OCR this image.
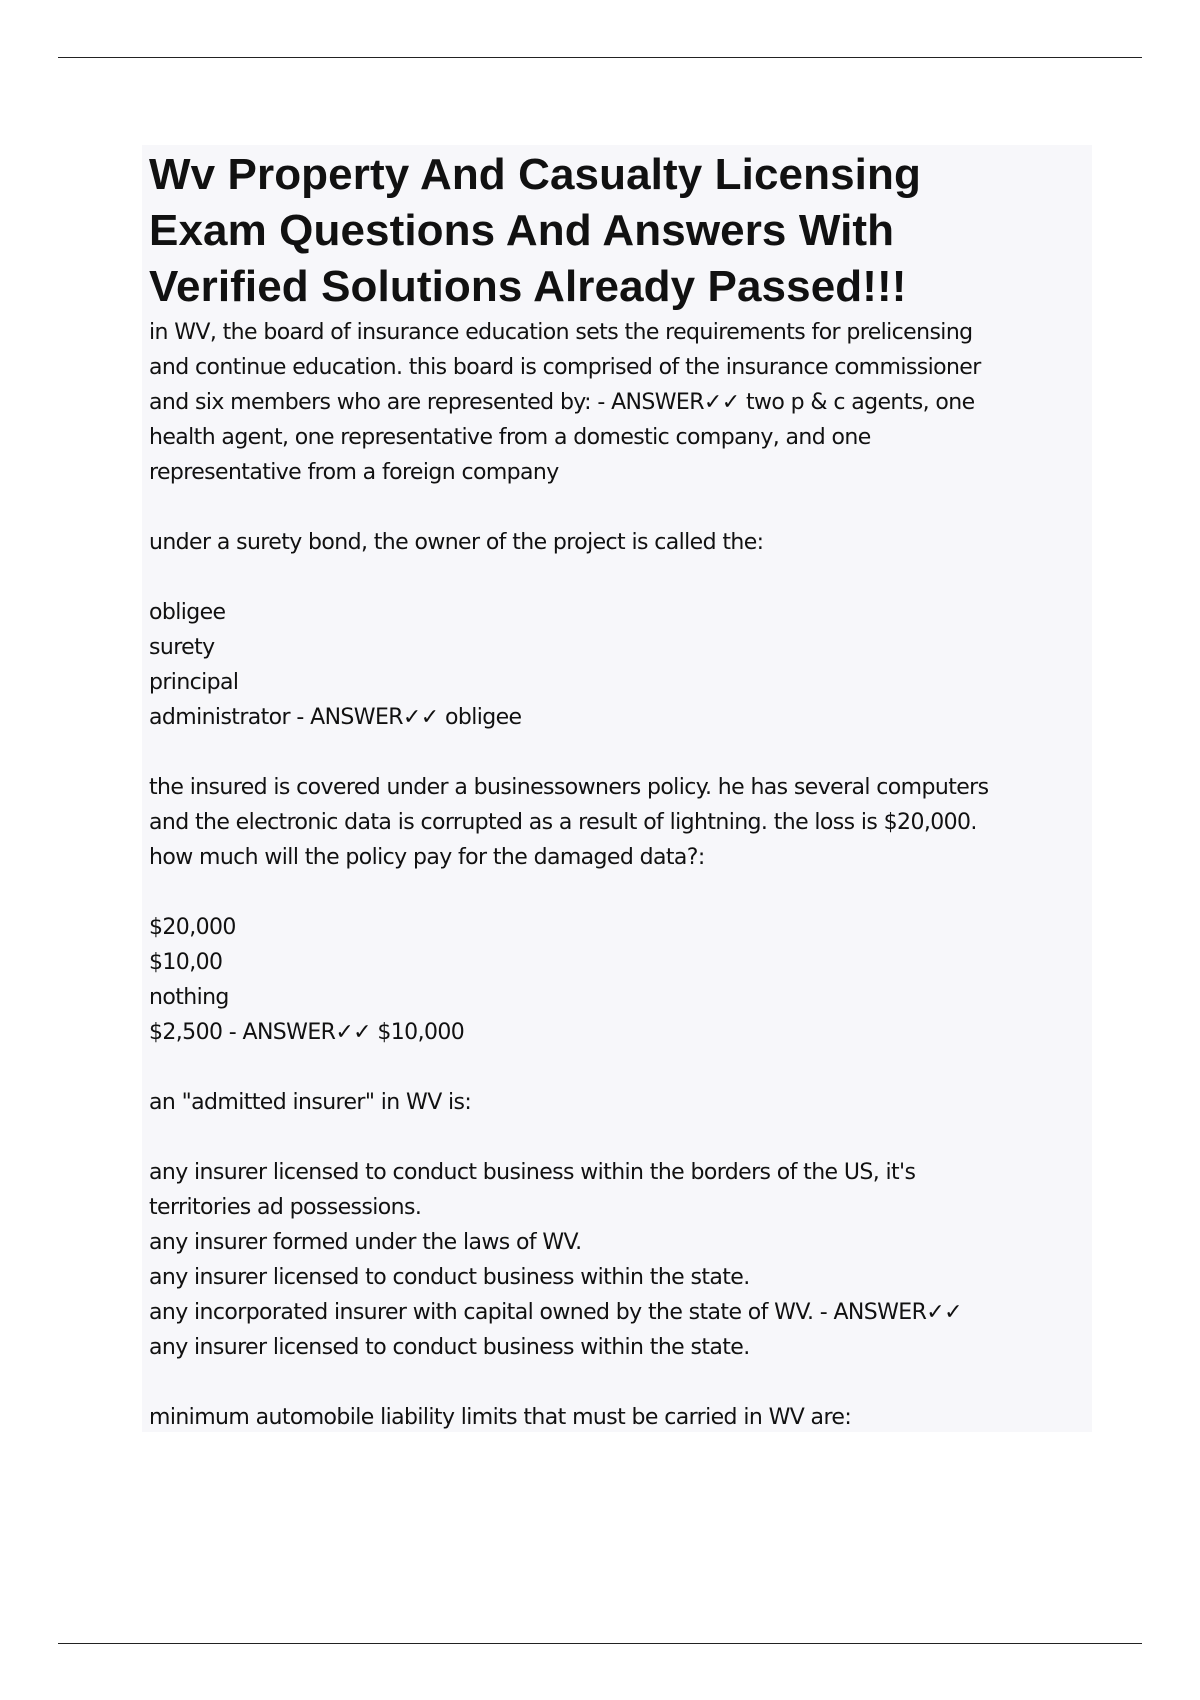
Wv Property And Casualty Licensing
Exam Questions And Answers With
Verified Solutions Already Passed!!!

in WV, the board of insurance education sets the requirements for prelicensing
and continue education. this board is comprised of the insurance commissioner
and six members who are represented by: - ANSWER✓✓ two p & c agents, one
health agent, one representative from a domestic company, and one
representative from a foreign company

under a surety bond, the owner of the project is called the:

obligee
surety
principal
administrator - ANSWER✓✓ obligee

the insured is covered under a businessowners policy. he has several computers
and the electronic data is corrupted as a result of lightning. the loss is $20,000.
how much will the policy pay for the damaged data?:

$20,000
$10,00
nothing
$2,500 - ANSWER✓✓ $10,000

an "admitted insurer" in WV is:

any insurer licensed to conduct business within the borders of the US, it's
territories ad possessions.
any insurer formed under the laws of WV.
any insurer licensed to conduct business within the state.
any incorporated insurer with capital owned by the state of WV. - ANSWER✓✓
any insurer licensed to conduct business within the state.

minimum automobile liability limits that must be carried in WV are:
